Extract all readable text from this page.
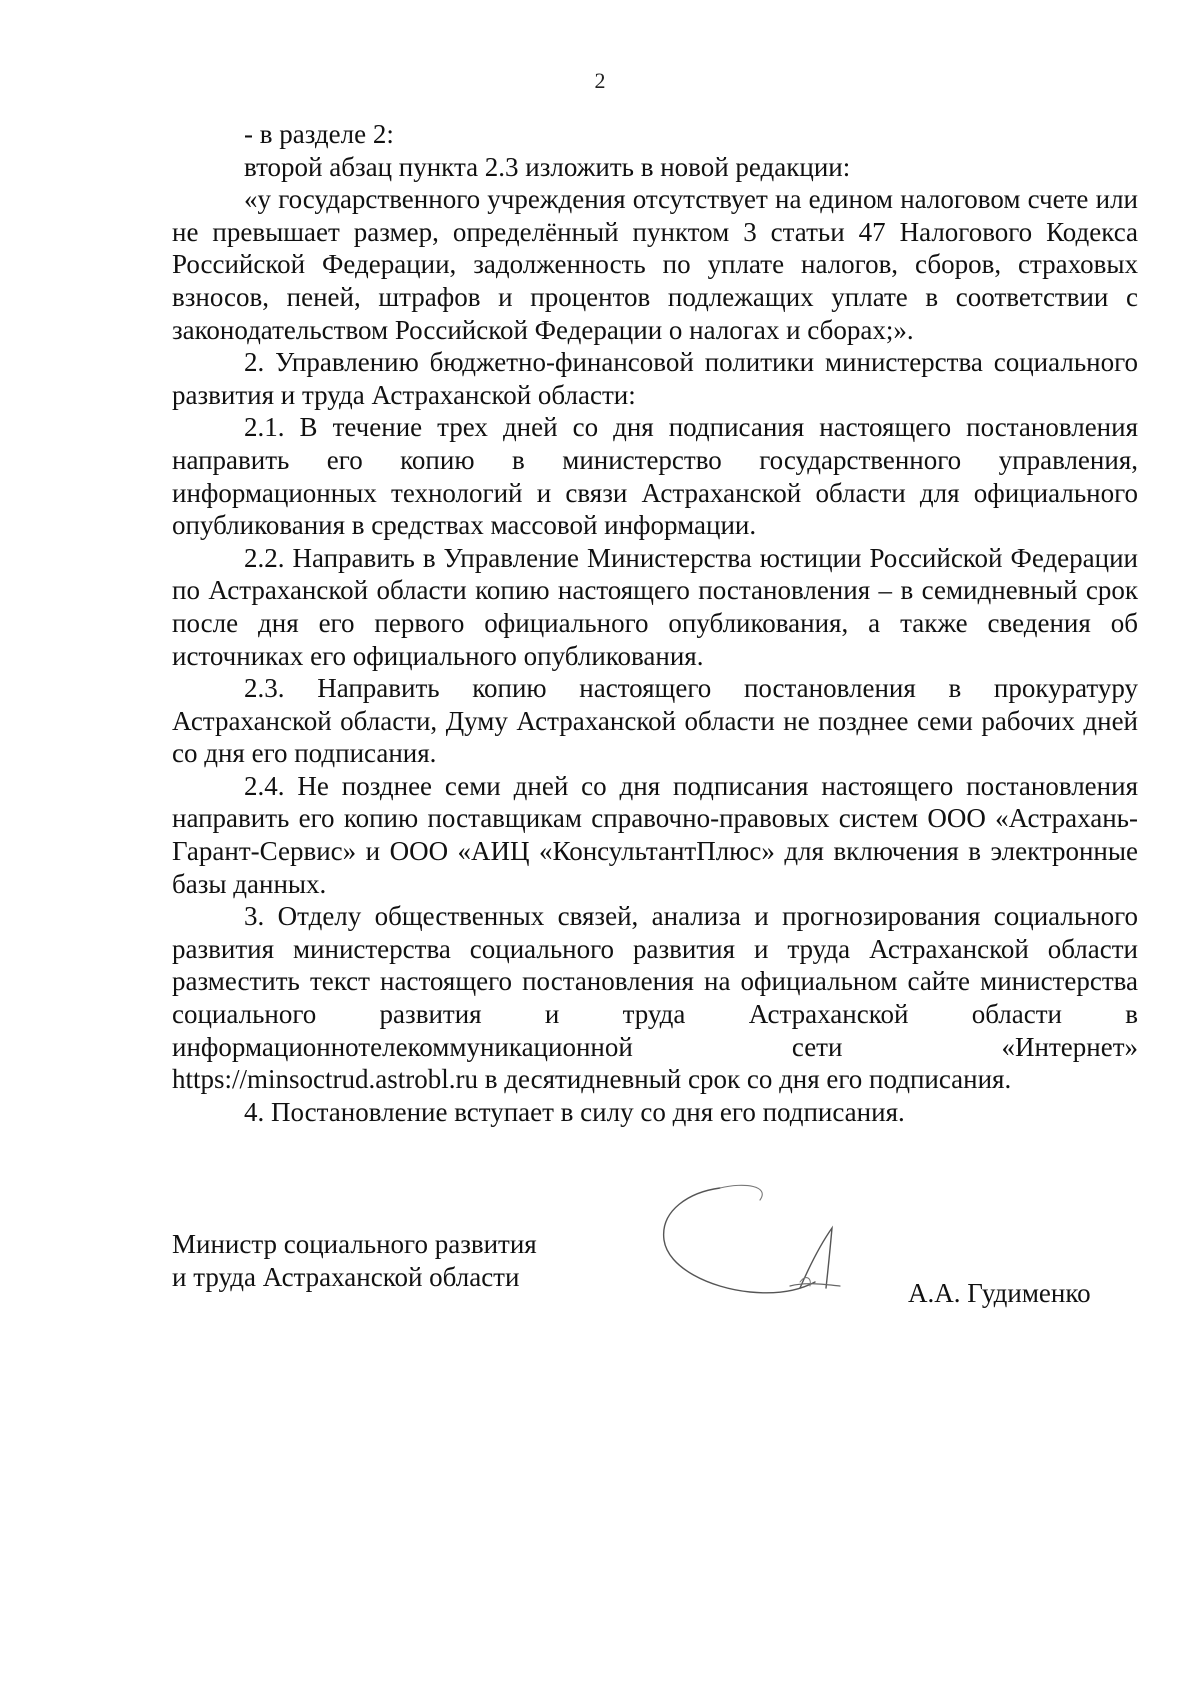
2

- в разделе 2:

второй абзац пункта 2.3 изложить в новой редакции:

«у государственного учреждения отсутствует на едином налоговом счете или не превышает размер, определённый пунктом 3 статьи 47 Налогового Кодекса Российской Федерации, задолженность по уплате налогов, сборов, страховых взносов, пеней, штрафов и процентов подлежащих уплате в соответствии с законодательством Российской Федерации о налогах и сборах;».

2. Управлению бюджетно-финансовой политики министерства социального развития и труда Астраханской области:

2.1. В течение трех дней со дня подписания настоящего постановления направить его копию в министерство государственного управления, информационных технологий и связи Астраханской области для официального опубликования в средствах массовой информации.

2.2. Направить в Управление Министерства юстиции Российской Федерации по Астраханской области копию настоящего постановления – в семидневный срок после дня его первого официального опубликования, а также сведения об источниках его официального опубликования.

2.3. Направить копию настоящего постановления в прокуратуру Астраханской области, Думу Астраханской области не позднее семи рабочих дней со дня его подписания.

2.4. Не позднее семи дней со дня подписания настоящего постановления направить его копию поставщикам справочно-правовых систем ООО «Астрахань-Гарант-Сервис» и ООО «АИЦ «КонсультантПлюс» для включения в электронные базы данных.

3. Отделу общественных связей, анализа и прогнозирования социального развития министерства социального развития и труда Астраханской области разместить текст настоящего постановления на официальном сайте министерства социального развития и труда Астраханской области в информационнотелекоммуникационной сети «Интернет» https://minsoctrud.astrobl.ru в десятидневный срок со дня его подписания.

4. Постановление вступает в силу со дня его подписания.

Министр социального развития
и труда Астраханской области
А.А. Гудименко
